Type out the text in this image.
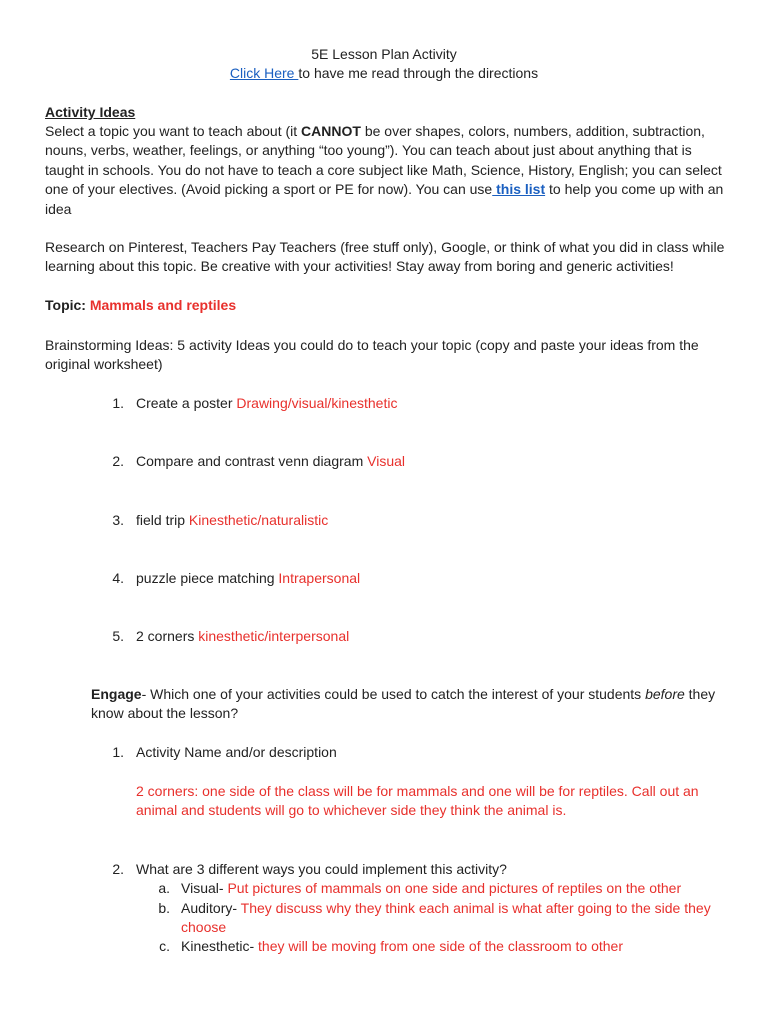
5E Lesson Plan Activity
Click Here to have me read through the directions
Activity Ideas
Select a topic you want to teach about (it CANNOT be over shapes, colors, numbers, addition, subtraction, nouns, verbs, weather, feelings, or anything “too young”). You can teach about just about anything that is taught in schools. You do not have to teach a core subject like Math, Science, History, English; you can select one of your electives. (Avoid picking a sport or PE for now). You can use this list to help you come up with an idea
Research on Pinterest, Teachers Pay Teachers (free stuff only), Google, or think of what you did in class while learning about this topic. Be creative with your activities! Stay away from boring and generic activities!
Topic: Mammals and reptiles
Brainstorming Ideas: 5 activity Ideas you could do to teach your topic (copy and paste your ideas from the original worksheet)
1. Create a poster Drawing/visual/kinesthetic
2. Compare and contrast venn diagram Visual
3. field trip Kinesthetic/naturalistic
4. puzzle piece matching Intrapersonal
5. 2 corners kinesthetic/interpersonal
Engage- Which one of your activities could be used to catch the interest of your students before they know about the lesson?
1. Activity Name and/or description
2 corners: one side of the class will be for mammals and one will be for reptiles. Call out an animal and students will go to whichever side they think the animal is.
2. What are 3 different ways you could implement this activity?
a. Visual- Put pictures of mammals on one side and pictures of reptiles on the other
b. Auditory- They discuss why they think each animal is what after going to the side they choose
c. Kinesthetic- they will be moving from one side of the classroom to other
